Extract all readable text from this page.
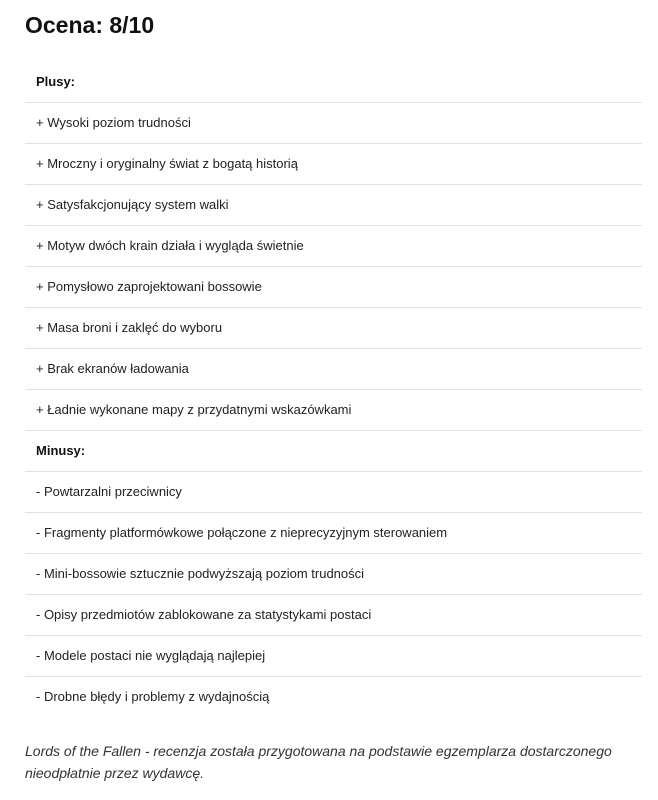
Ocena: 8/10
Plusy:
+ Wysoki poziom trudności
+ Mroczny i oryginalny świat z bogatą historią
+ Satysfakcjonujący system walki
+ Motyw dwóch krain działa i wygląda świetnie
+ Pomysłowo zaprojektowani bossowie
+ Masa broni i zaklęć do wyboru
+ Brak ekranów ładowania
+ Ładnie wykonane mapy z przydatnymi wskazówkami
Minusy:
- Powtarzalni przeciwnicy
- Fragmenty platformówkowe połączone z nieprecyzyjnym sterowaniem
- Mini-bossowie sztucznie podwyższają poziom trudności
- Opisy przedmiotów zablokowane za statystykami postaci
- Modele postaci nie wyglądają najlepiej
- Drobne błędy i problemy z wydajnością

Lords of the Fallen - recenzja została przygotowana na podstawie egzemplarza dostarczonego nieodpłatnie przez wydawcę.
